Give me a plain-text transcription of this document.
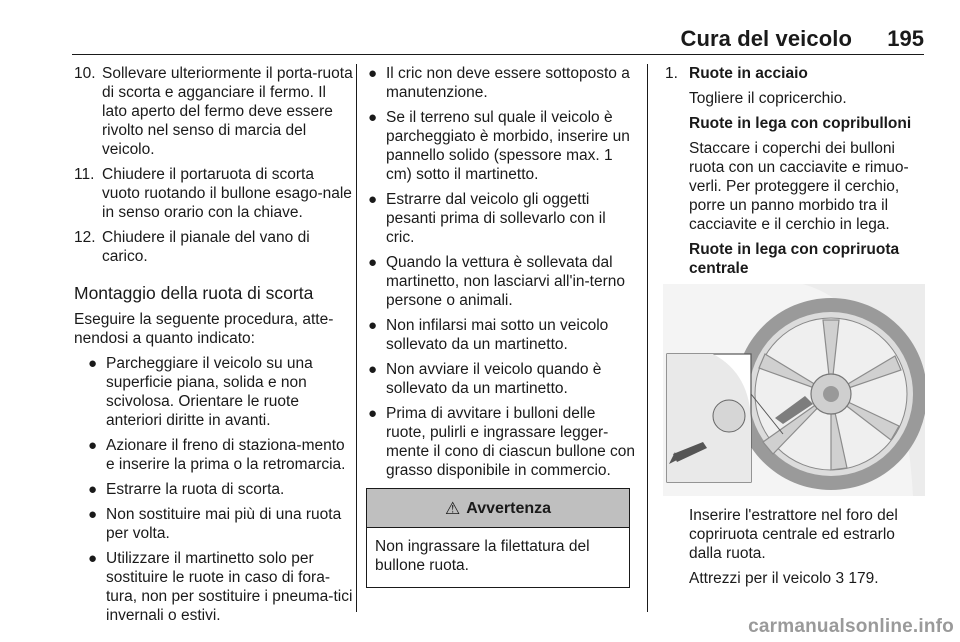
Cura del veicolo 195
10. Sollevare ulteriormente il porta-ruota di scorta e agganciare il fermo. Il lato aperto del fermo deve essere rivolto nel senso di marcia del veicolo.
11. Chiudere il portaruota di scorta vuoto ruotando il bullone esago-nale in senso orario con la chiave.
12. Chiudere il pianale del vano di carico.
Montaggio della ruota di scorta
Eseguire la seguente procedura, atte-nendosi a quanto indicato:
● Parcheggiare il veicolo su una superficie piana, solida e non scivolosa. Orientare le ruote anteriori diritte in avanti.
● Azionare il freno di staziona-mento e inserire la prima o la retromarcia.
● Estrarre la ruota di scorta.
● Non sostituire mai più di una ruota per volta.
● Utilizzare il martinetto solo per sostituire le ruote in caso di fora-tura, non per sostituire i pneuma-tici invernali o estivi.
● Il cric non deve essere sottoposto a manutenzione.
● Se il terreno sul quale il veicolo è parcheggiato è morbido, inserire un pannello solido (spessore max. 1 cm) sotto il martinetto.
● Estrarre dal veicolo gli oggetti pesanti prima di sollevarlo con il cric.
● Quando la vettura è sollevata dal martinetto, non lasciarvi all'in-terno persone o animali.
● Non infilarsi mai sotto un veicolo sollevato da un martinetto.
● Non avviare il veicolo quando è sollevato da un martinetto.
● Prima di avvitare i bulloni delle ruote, pulirli e ingrassare legger-mente il cono di ciascun bullone con grasso disponibile in commercio.
⚠ Avvertenza
Non ingrassare la filettatura del bullone ruota.
1. Ruote in acciaio
Togliere il copricerchio.
Ruote in lega con copribulloni
Staccare i coperchi dei bulloni ruota con un cacciavite e rimuo-verli. Per proteggere il cerchio, porre un panno morbido tra il cacciavite e il cerchio in lega.
Ruote in lega con copriruota centrale
Inserire l'estrattore nel foro del copriruota centrale ed estrarlo dalla ruota.
Attrezzi per il veicolo 3 179.
carmanualsonline.info
